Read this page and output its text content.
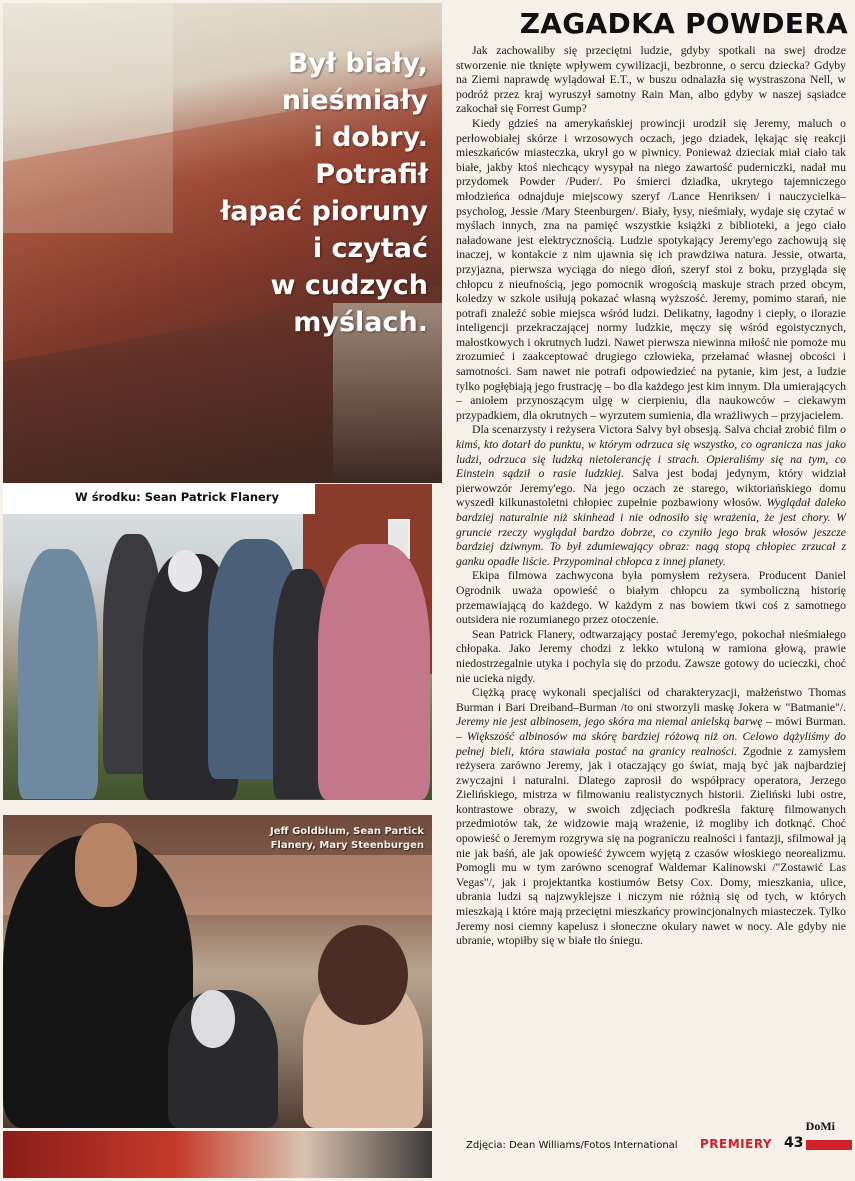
Był biały,
nieśmiały
i dobry.
Potrafił
łapać pioruny
i czytać
w cudzych myślach.
W środku: Sean Patrick Flanery
Jeff Goldblum, Sean Partick Flanery, Mary Steenburgen
ZAGADKA POWDERA

Jak zachowaliby się przeciętni ludzie, gdyby spotkali na swej drodze stworzenie nie tknięte wpływem cywilizacji, bezbronne, o sercu dziecka? Gdyby na Ziemi naprawdę wylądował E.T., w buszu odnalazła się wystraszona Nell, w podróż przez kraj wyruszył samotny Rain Man, albo gdyby w naszej sąsiadce zakochał się Forrest Gump?

Kiedy gdzieś na amerykańskiej prowincji urodził się Jeremy, maluch o perłowobiałej skórze i wrzosowych oczach, jego dziadek, lękając się reakcji mieszkańców miasteczka, ukrył go w piwnicy. Ponieważ dzieciak miał ciało tak białe, jakby ktoś niechcący wysypał na niego zawartość puderniczki, nadał mu przydomek Powder /Puder/. Po śmierci dziadka, ukrytego tajemniczego młodzieńca odnajduje miejscowy szeryf /Lance Henriksen/ i nauczycielka–psycholog, Jessie /Mary Steenburgen/. Biały, łysy, nieśmiały, wydaje się czytać w myślach innych, zna na pamięć wszystkie książki z biblioteki, a jego ciało naładowane jest elektrycznością. Ludzie spotykający Jeremy'ego zachowują się inaczej, w kontakcie z nim ujawnia się ich prawdziwa natura. Jessie, otwarta, przyjazna, pierwsza wyciąga do niego dłoń, szeryf stoi z boku, przygląda się chłopcu z nieufnością, jego pomocnik wrogością maskuje strach przed obcym, koledzy w szkole usiłują pokazać własną wyższość. Jeremy, pomimo starań, nie potrafi znaleźć sobie miejsca wśród ludzi. Delikatny, łagodny i ciepły, o ilorazie inteligencji przekraczającej normy ludzkie, męczy się wśród egoistycznych, małostkowych i okrutnych ludzi. Nawet pierwsza niewinna miłość nie pomoże mu zrozumieć i zaakceptować drugiego człowieka, przełamać własnej obcości i samotności. Sam nawet nie potrafi odpowiedzieć na pytanie, kim jest, a ludzie tylko pogłębiają jego frustrację – bo dla każdego jest kim innym. Dla umierających – aniołem przynoszącym ulgę w cierpieniu, dla naukowców – ciekawym przypadkiem, dla okrutnych – wyrzutem sumienia, dla wrażliwych – przyjacielem.

Dla scenarzysty i reżysera Victora Salvy był obsesją. Salva chciał zrobić film o kimś, kto dotarł do punktu, w którym odrzuca się wszystko, co ogranicza nas jako ludzi, odrzuca się ludzką nietolerancję i strach. Opieraliśmy się na tym, co Einstein sądził o rasie ludzkiej. Salva jest bodaj jedynym, który widział pierwowzór Jeremy'ego. Na jego oczach ze starego, wiktoriańskiego domu wyszedł kilkunastoletni chłopiec zupełnie pozbawiony włosów. Wyglądał daleko bardziej naturalnie niż skinhead i nie odnosiło się wrażenia, że jest chory. W gruncie rzeczy wyglądał bardzo dobrze, co czyniło jego brak włosów jeszcze bardziej dziwnym. To był zdumiewający obraz: nagą stopą chłopiec zrzucał z ganku opadłe liście. Przypominał chłopca z innej planety.

Ekipa filmowa zachwycona była pomysłem reżysera. Producent Daniel Ogrodnik uważa opowieść o białym chłopcu za symboliczną historię przemawiającą do każdego. W każdym z nas bowiem tkwi coś z samotnego outsidera nie rozumianego przez otoczenie.

Sean Patrick Flanery, odtwarzający postać Jeremy'ego, pokochał nieśmiałego chłopaka. Jako Jeremy chodzi z lekko wtuloną w ramiona głową, prawie niedostrzegalnie utyka i pochyla się do przodu. Zawsze gotowy do ucieczki, choć nie ucieka nigdy.

Ciężką pracę wykonali specjaliści od charakteryzacji, małżeństwo Thomas Burman i Bari Dreiband–Burman /to oni stworzyli maskę Jokera w "Batmanie"/. Jeremy nie jest albinosem, jego skóra ma niemal anielską barwę – mówi Burman. – Większość albinosów ma skórę bardziej różową niż on. Celowo dążyliśmy do pełnej bieli, która stawiała postać na granicy realności. Zgodnie z zamysłem reżysera zarówno Jeremy, jak i otaczający go świat, mają być jak najbardziej zwyczajni i naturalni. Dlatego zaprosił do współpracy operatora, Jerzego Zielińskiego, mistrza w filmowaniu realistycznych historii. Zieliński lubi ostre, kontrastowe obrazy, w swoich zdjęciach podkreśla fakturę filmowanych przedmiotów tak, że widzowie mają wrażenie, iż mogliby ich dotknąć. Choć opowieść o Jeremym rozgrywa się na pograniczu realności i fantazji, sfilmował ją nie jak baśń, ale jak opowieść żywcem wyjętą z czasów włoskiego neorealizmu. Pomogli mu w tym zarówno scenograf Waldemar Kalinowski /"Zostawić Las Vegas"/, jak i projektantka kostiumów Betsy Cox. Domy, mieszkania, ulice, ubrania ludzi są najzwyklejsze i niczym nie różnią się od tych, w których mieszkają i które mają przeciętni mieszkańcy prowincjonalnych miasteczek. Tylko Jeremy nosi ciemny kapelusz i słoneczne okulary nawet w nocy. Ale gdyby nie ubranie, wtopiłby się w białe tło śniegu.

DoMi
Zdjęcia: Dean Williams/Fotos International PREMIERY 43
